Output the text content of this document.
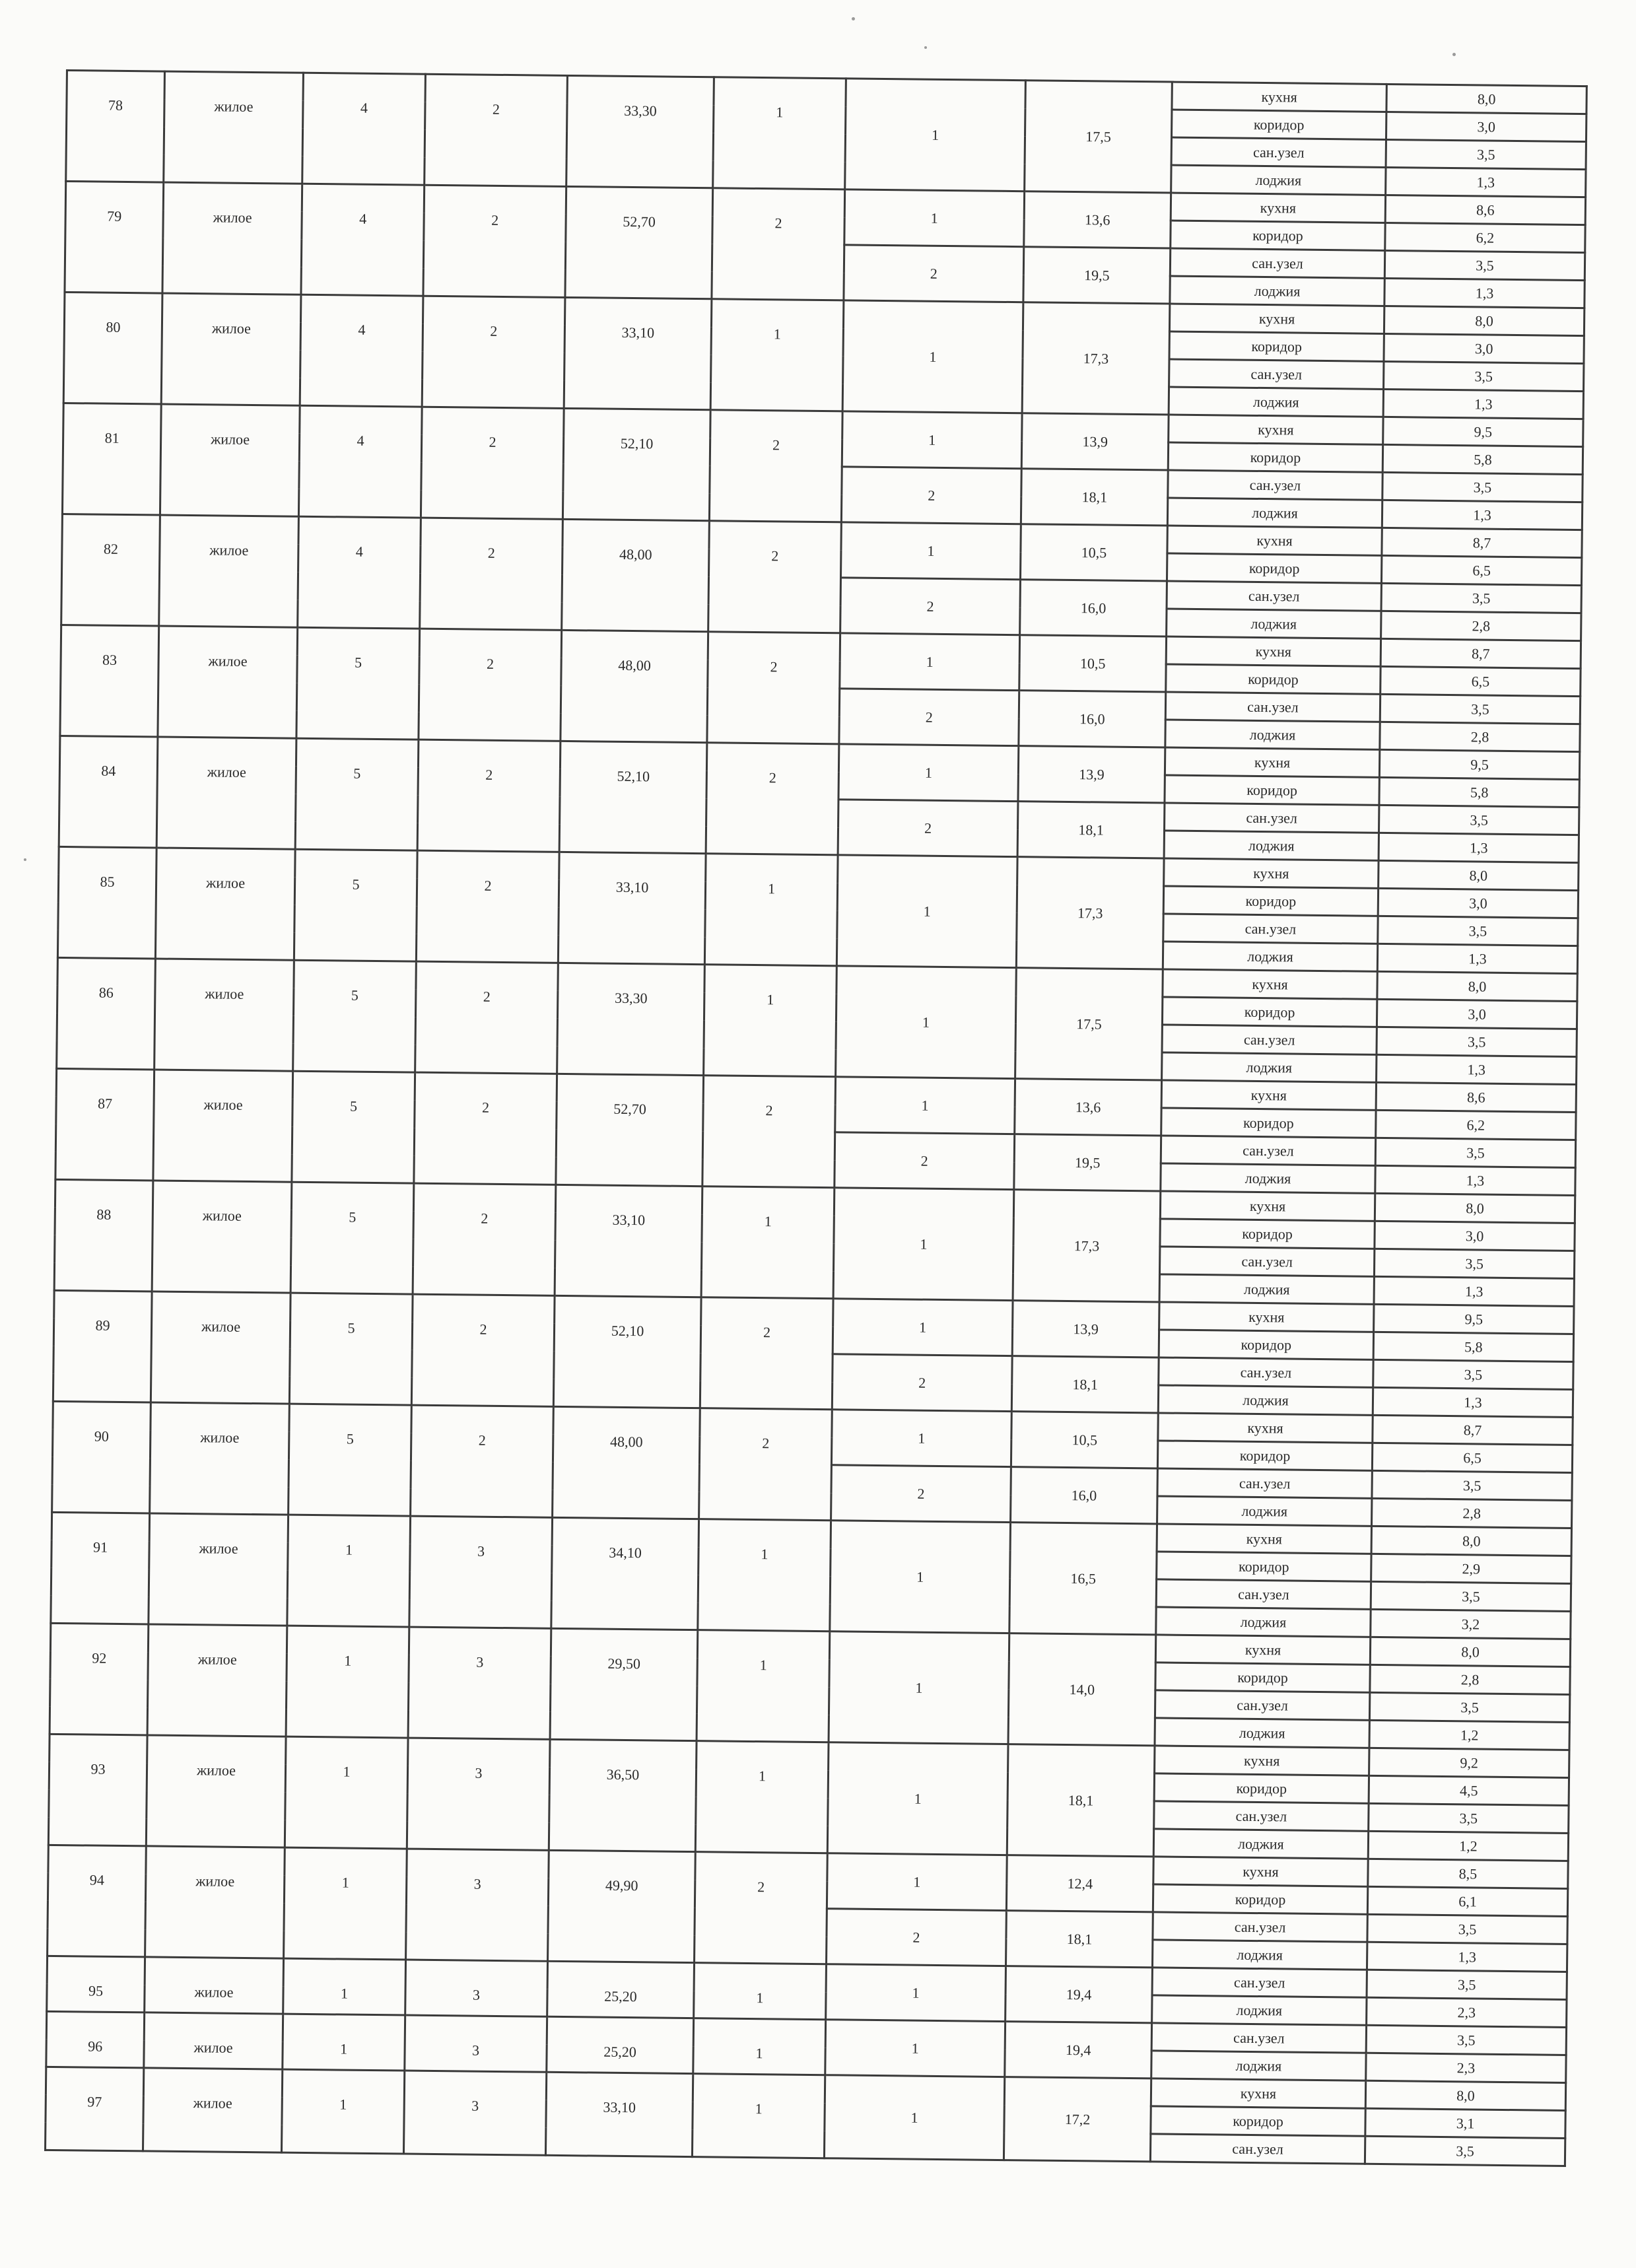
78	жилое	4	2	33,30	1	1	17,5	кухня	8,0
								коридор	3,0
								сан.узел	3,5
								лоджия	1,3
79	жилое	4	2	52,70	2	1	13,6	кухня	8,6
								коридор	6,2
						2	19,5	сан.узел	3,5
								лоджия	1,3
80	жилое	4	2	33,10	1	1	17,3	кухня	8,0
								коридор	3,0
								сан.узел	3,5
								лоджия	1,3
81	жилое	4	2	52,10	2	1	13,9	кухня	9,5
								коридор	5,8
						2	18,1	сан.узел	3,5
								лоджия	1,3
82	жилое	4	2	48,00	2	1	10,5	кухня	8,7
								коридор	6,5
						2	16,0	сан.узел	3,5
								лоджия	2,8
83	жилое	5	2	48,00	2	1	10,5	кухня	8,7
								коридор	6,5
						2	16,0	сан.узел	3,5
								лоджия	2,8
84	жилое	5	2	52,10	2	1	13,9	кухня	9,5
								коридор	5,8
						2	18,1	сан.узел	3,5
								лоджия	1,3
85	жилое	5	2	33,10	1	1	17,3	кухня	8,0
								коридор	3,0
								сан.узел	3,5
								лоджия	1,3
86	жилое	5	2	33,30	1	1	17,5	кухня	8,0
								коридор	3,0
								сан.узел	3,5
								лоджия	1,3
87	жилое	5	2	52,70	2	1	13,6	кухня	8,6
								коридор	6,2
						2	19,5	сан.узел	3,5
								лоджия	1,3
88	жилое	5	2	33,10	1	1	17,3	кухня	8,0
								коридор	3,0
								сан.узел	3,5
								лоджия	1,3
89	жилое	5	2	52,10	2	1	13,9	кухня	9,5
								коридор	5,8
						2	18,1	сан.узел	3,5
								лоджия	1,3
90	жилое	5	2	48,00	2	1	10,5	кухня	8,7
								коридор	6,5
						2	16,0	сан.узел	3,5
								лоджия	2,8
91	жилое	1	3	34,10	1	1	16,5	кухня	8,0
								коридор	2,9
								сан.узел	3,5
								лоджия	3,2
92	жилое	1	3	29,50	1	1	14,0	кухня	8,0
								коридор	2,8
								сан.узел	3,5
								лоджия	1,2
93	жилое	1	3	36,50	1	1	18,1	кухня	9,2
								коридор	4,5
								сан.узел	3,5
								лоджия	1,2
94	жилое	1	3	49,90	2	1	12,4	кухня	8,5
								коридор	6,1
						2	18,1	сан.узел	3,5
								лоджия	1,3
95	жилое	1	3	25,20	1	1	19,4	сан.узел	3,5
								лоджия	2,3
96	жилое	1	3	25,20	1	1	19,4	сан.узел	3,5
								лоджия	2,3
97	жилое	1	3	33,10	1	1	17,2	кухня	8,0
								коридор	3,1
								сан.узел	3,5
